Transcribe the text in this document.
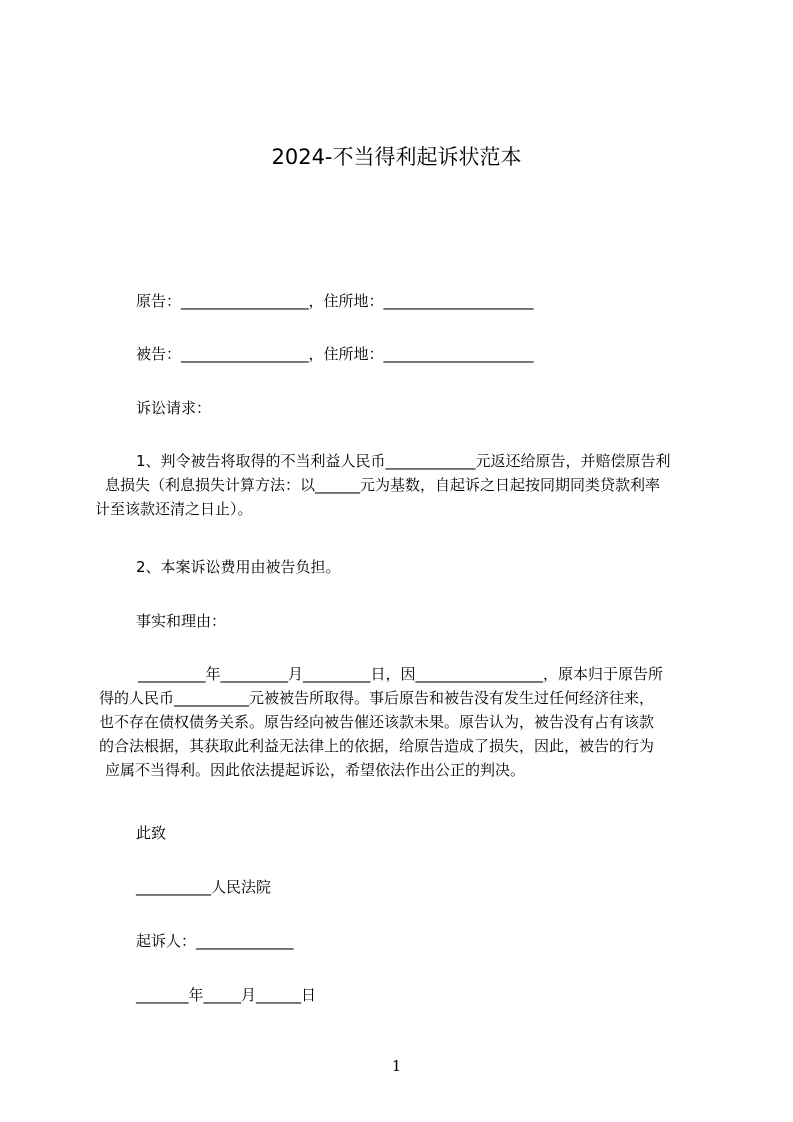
2024-不当得利起诉状范本
原告：_________________，住所地：____________________
被告：_________________，住所地：____________________
诉讼请求：
1、判令被告将取得的不当利益人民币____________元返还给原告，并赔偿原告利
息损失（利息损失计算方法：以______元为基数，自起诉之日起按同期同类贷款利率
计至该款还清之日止）。
2、本案诉讼费用由被告负担。
事实和理由：
_________年_________月_________日，因_________________，原本归于原告所
得的人民币__________元被被告所取得。事后原告和被告没有发生过任何经济往来，
也不存在债权债务关系。原告经向被告催还该款未果。原告认为，被告没有占有该款
的合法根据，其获取此利益无法律上的依据，给原告造成了损失，因此，被告的行为
应属不当得利。因此依法提起诉讼，希望依法作出公正的判决。
此致
__________人民法院
起诉人：_____________
_______年_____月______日
1
